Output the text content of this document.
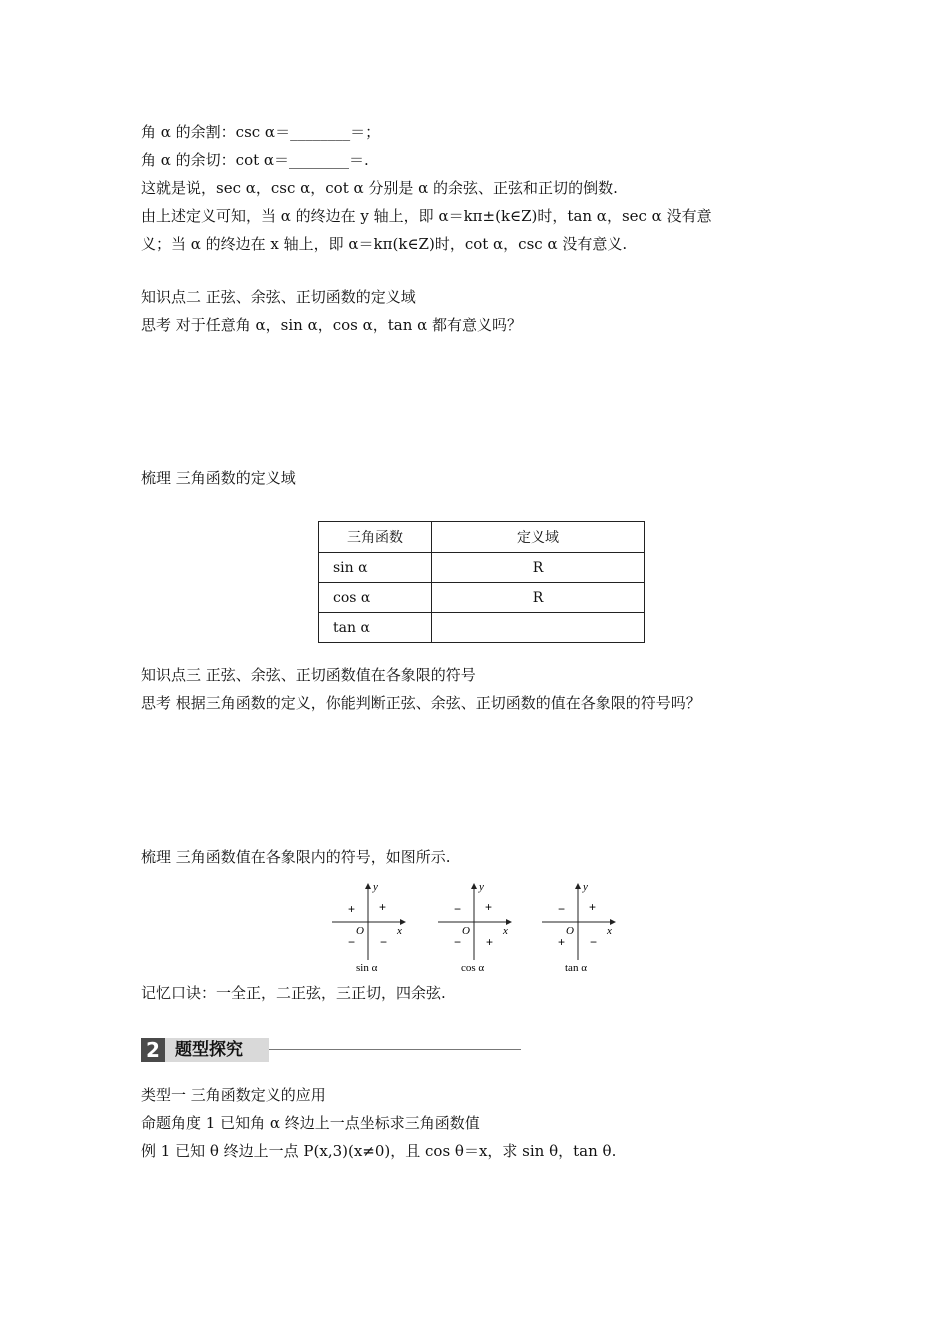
角 α 的余割：csc α＝________＝；
角 α 的余切：cot α＝________＝.
这就是说，sec α，csc α，cot α 分别是 α 的余弦、正弦和正切的倒数.
由上述定义可知，当 α 的终边在 y 轴上，即 α＝kπ±(k∈Z)时，tan α，sec α 没有意
义；当 α 的终边在 x 轴上，即 α＝kπ(k∈Z)时，cot α，csc α 没有意义.
知识点二 正弦、余弦、正切函数的定义域
思考 对于任意角 α，sin α，cos α，tan α 都有意义吗？
梳理 三角函数的定义域
三角函数	定义域
sin α	R
cos α	R
tan α	
知识点三 正弦、余弦、正切函数值在各象限的符号
思考 根据三角函数的定义，你能判断正弦、余弦、正切函数的值在各象限的符号吗？
梳理 三角函数值在各象限内的符号，如图所示.
y
x
O
+
+
− −
sin α
y
x
O
+
−
− +
cos α
y
x
O
+
−
+ −
tan α
记忆口诀：一全正，二正弦，三正切，四余弦.
2 题型探究
类型一 三角函数定义的应用
命题角度 1 已知角 α 终边上一点坐标求三角函数值
例 1 已知 θ 终边上一点 P(x,3)(x≠0)，且 cos θ＝x，求 sin θ，tan θ.
